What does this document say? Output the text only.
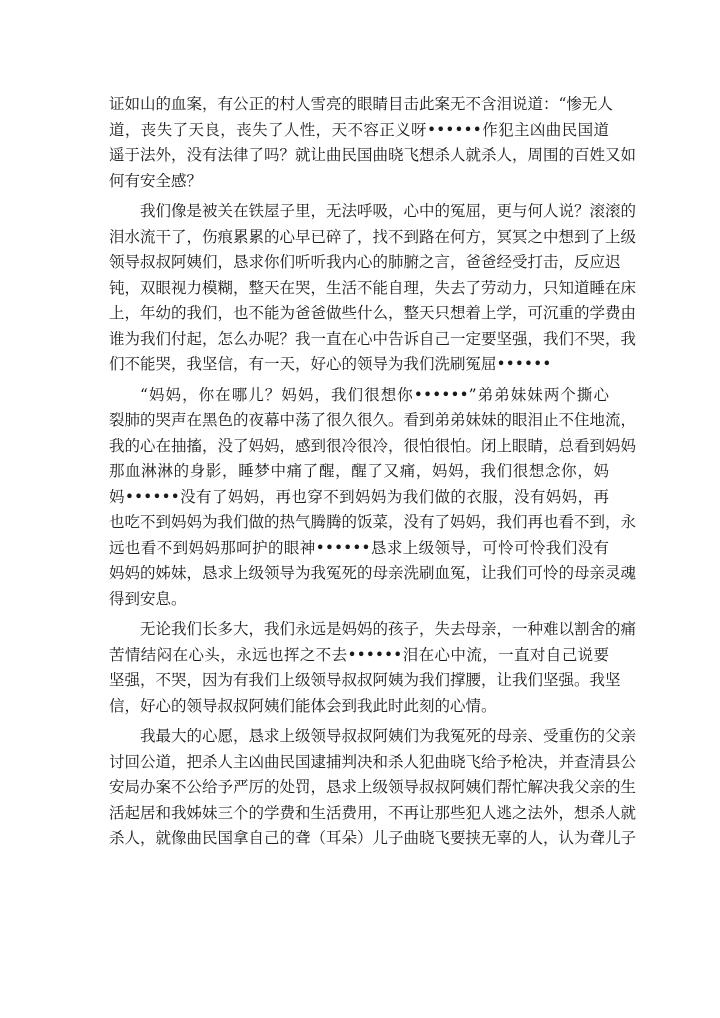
证如山的血案，有公正的村人雪亮的眼睛目击此案无不含泪说道：“惨无人
道，丧失了天良，丧失了人性，天不容正义呀••••••作犯主凶曲民国道
遥于法外，没有法律了吗？就让曲民国曲晓飞想杀人就杀人，周围的百姓又如
何有安全感？
我们像是被关在铁屋子里，无法呼吸，心中的冤屈，更与何人说？滚滚的
泪水流干了，伤痕累累的心早已碎了，找不到路在何方，冥冥之中想到了上级
领导叔叔阿姨们，恳求你们听听我内心的肺腑之言，爸爸经受打击，反应迟
钝，双眼视力模糊，整天在哭，生活不能自理，失去了劳动力，只知道睡在床
上，年幼的我们，也不能为爸爸做些什么，整天只想着上学，可沉重的学费由
谁为我们付起，怎么办呢？我一直在心中告诉自己一定要坚强，我们不哭，我
们不能哭，我坚信，有一天，好心的领导为我们洗刷冤屈••••••
“妈妈，你在哪儿？妈妈，我们很想你••••••”弟弟妹妹两个撕心
裂肺的哭声在黑色的夜幕中荡了很久很久。看到弟弟妹妹的眼泪止不住地流，
我的心在抽搐，没了妈妈，感到很冷很冷，很怕很怕。闭上眼睛，总看到妈妈
那血淋淋的身影，睡梦中痛了醒，醒了又痛，妈妈，我们很想念你，妈
妈••••••没有了妈妈，再也穿不到妈妈为我们做的衣服，没有妈妈，再
也吃不到妈妈为我们做的热气腾腾的饭菜，没有了妈妈，我们再也看不到，永
远也看不到妈妈那呵护的眼神••••••恳求上级领导，可怜可怜我们没有
妈妈的姊妹，恳求上级领导为我冤死的母亲洗刷血冤，让我们可怜的母亲灵魂
得到安息。
无论我们长多大，我们永远是妈妈的孩子，失去母亲，一种难以割舍的痛
苦情结闷在心头，永远也挥之不去••••••泪在心中流，一直对自己说要
坚强，不哭，因为有我们上级领导叔叔阿姨为我们撑腰，让我们坚强。我坚
信，好心的领导叔叔阿姨们能体会到我此时此刻的心情。
我最大的心愿，恳求上级领导叔叔阿姨们为我冤死的母亲、受重伤的父亲
讨回公道，把杀人主凶曲民国逮捕判决和杀人犯曲晓飞给予枪决，并查清县公
安局办案不公给予严厉的处罚，恳求上级领导叔叔阿姨们帮忙解决我父亲的生
活起居和我姊妹三个的学费和生活费用，不再让那些犯人逃之法外，想杀人就
杀人，就像曲民国拿自己的聋（耳朵）儿子曲晓飞要挟无辜的人，认为聋儿子
